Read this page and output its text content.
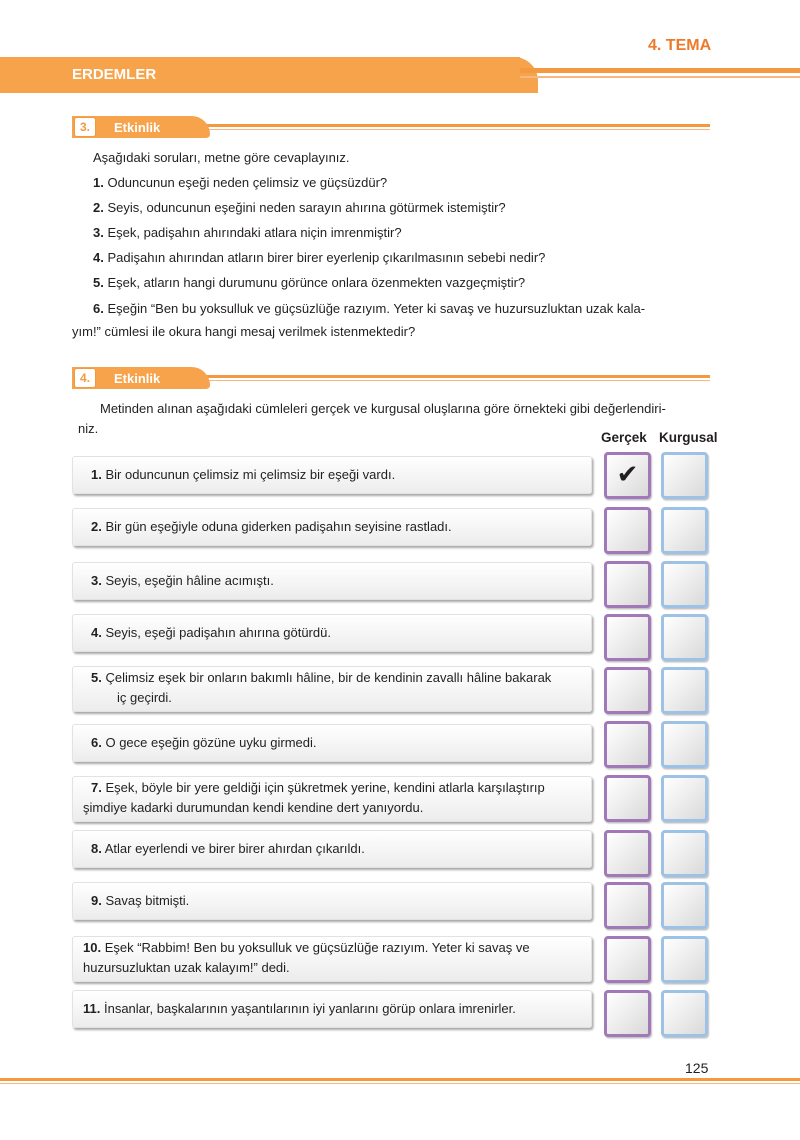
4. TEMA
ERDEMLER
3.	Etkinlik
Aşağıdaki soruları, metne göre cevaplayınız.
1. Oduncunun eşeği neden çelimsiz ve güçsüzdür?
2. Seyis, oduncunun eşeğini neden sarayın ahırına götürmek istemiştir?
3. Eşek, padişahın ahırındaki atlara niçin imrenmiştir?
4. Padişahın ahırından atların birer birer eyerlenip çıkarılmasının sebebi nedir?
5. Eşek, atların hangi durumunu görünce onlara özenmekten vazgeçmiştir?
6. Eşeğin “Ben bu yoksulluk ve güçsüzlüğe razıyım. Yeter ki savaş ve huzursuzluktan uzak kala-
yım!” cümlesi ile okura hangi mesaj verilmek istenmektedir?
4.	Etkinlik
Metinden alınan aşağıdaki cümleleri gerçek ve kurgusal oluşlarına göre örnekteki gibi değerlendiri-
niz.
Gerçek Kurgusal
1. Bir oduncunun çelimsiz mi çelimsiz bir eşeği vardı.	✔
2. Bir gün eşeğiyle oduna giderken padişahın seyisine rastladı.
3. Seyis, eşeğin hâline acımıştı.
4. Seyis, eşeği padişahın ahırına götürdü.
5. Çelimsiz eşek bir onların bakımlı hâline, bir de kendinin zavallı hâline bakarak
iç geçirdi.
6. O gece eşeğin gözüne uyku girmedi.
7. Eşek, böyle bir yere geldiği için şükretmek yerine, kendini atlarla karşılaştırıp
şimdiye kadarki durumundan kendi kendine dert yanıyordu.
8. Atlar eyerlendi ve birer birer ahırdan çıkarıldı.
9. Savaş bitmişti.
10. Eşek “Rabbim! Ben bu yoksulluk ve güçsüzlüğe razıyım. Yeter ki savaş ve
huzursuzluktan uzak kalayım!” dedi.
11. İnsanlar, başkalarının yaşantılarının iyi yanlarını görüp onlara imrenirler.
125
